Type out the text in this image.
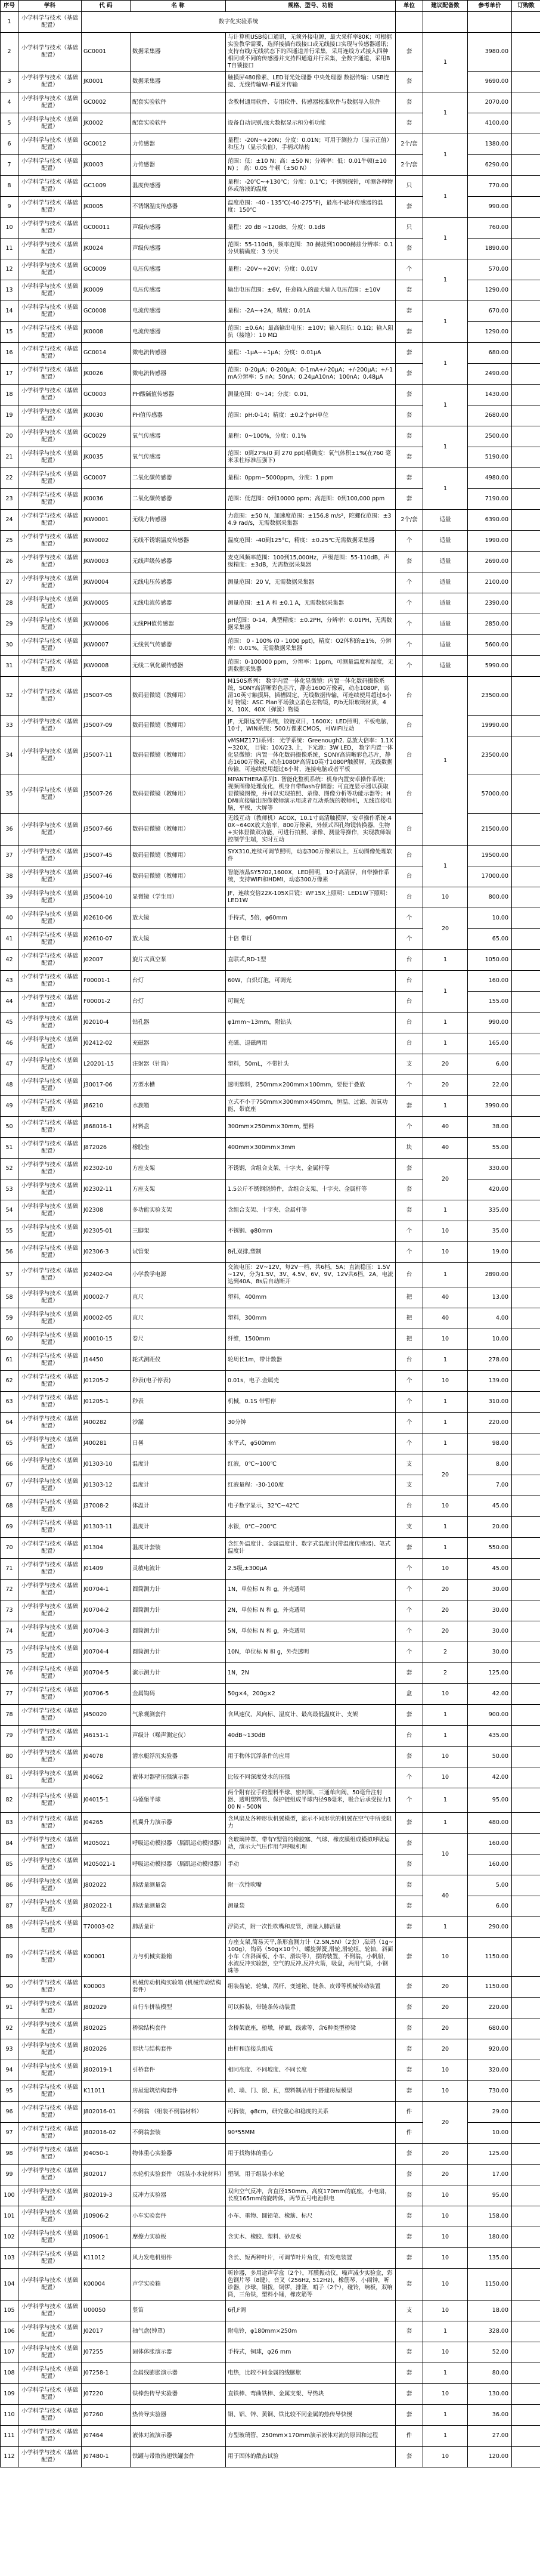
序号	学科	代 码	名 称	规格、型号、功能	单位	建议配备数	参考单价	订购数
1	小学科学与技术（基础配置）	数字化实验系统						
2	小学科学与技术（基础配置）	GC0001	数据采集器	与计算机USB接口通讯，无须外接电源，最大采样率80K；可根据实验教学需要，选择接插有线接口或无线接口实现与传感器通讯；支持有线/无线状态下的四通道并行采集，采用连线方式接入四种相同或不同的传感器并支持四通道并行采集，全数字通道，采用BT自锁接口	套	1	3980.00	
3	小学科学与技术（基础配置）	JK0001	数据采集器	触摸屏480像素、LED背光处理器 中央处理器 数据传输：USB连接、无线传输Wi-Fi蓝牙传输	套		9690.00	
4	小学科学与技术（基础配置）	GC0002	配套实验软件	含教材通用软件、专用软件、传感器校准软件与数据导入软件	套	1	2070.00	
5	小学科学与技术（基础配置）	JK0002	配套实验软件	设备自动识别,强大数据显示和分析功能	套		4100.00	
6	小学科学与技术（基础配置）	GC0012	力传感器	量程：-20N~+20N；分度：0.01N；可用于测拉力（显示正值）和压力（显示负值），手柄式结构	2个/套	1	1380.00	
7	小学科学与技术（基础配置）	JK0003	力传感器	范围：低：±10 N；高：±50 N；分辨率：低：0.01牛顿(±10 N) ； 高：0.05 牛顿（±50 N）	2个/套		6290.00	
8	小学科学与技术（基础配置）	GC1009	温度传感器	量程：-20℃~+130℃；分度：0.1℃；不锈钢探针，可测各种物体或溶液的温度	只	1	770.00	
9	小学科学与技术（基础配置）	JK0005	不锈钢温度传感器	温度范围：-40 - 135℃(-40-275°F)，最高不破坏传感器的温度：150℃	套		990.00	
10	小学科学与技术（基础配置）	GC00011	声级传感器	量程：20 dB ~120dB，分度：0.1dB	只	1	760.00	
11	小学科学与技术（基础配置）	JK0024	声级传感器	范围：55-110dB，频率范围：30 赫兹到10000赫兹分辨率：0.1 分贝精确度：3 分贝	套		1890.00	
12	小学科学与技术（基础配置）	GC0009	电压传感器	量程：-20V~+20V；分度：0.01V	个	1	570.00	
13	小学科学与技术（基础配置）	JK0009	电压传感器	输出电压范围：±6V，任意输入的最大输入电压范围：±10V	套		1290.00	
14	小学科学与技术（基础配置）	GC0008	电流传感器	量程：-2A~+2A，精度：0.01A	套	1	670.00	
15	小学科学与技术（基础配置）	JK0008	电流传感器	范围：±0.6A；最高输出电压：±10V；输入阻抗：0.1Ω；输入阻抗（接地）：10 MΩ	套		1290.00	
16	小学科学与技术（基础配置）	GC0014	微电流传感器	量程：-1μA~+1μA；分度：0.01μA	套	1	680.00	
17	小学科学与技术（基础配置）	JK0026	微电流传感器	范围：0-20μA；0-200μA；0-1mA+/-20μA；+/-200μA；+/-1mA分辨率：5 nA；50nA；0.24μA10nA；100nA；0.48μA	套		2490.00	
18	小学科学与技术（基础配置）	GC0003	PH酸碱值传感器	测量范围：0~14；分度：0.01，	套	1	1430.00	
19	小学科学与技术（基础配置）	JK0030	PH值传感器	范围：pH:0-14；精度：±0.2个pH单位	套		2680.00	
20	小学科学与技术（基础配置）	GC0029	氧气传感器	量程：0~100%，分度：0.1%	套	1	2500.00	
21	小学科学与技术（基础配置）	JK0035	氧气传感器	范围：0到27%(0 到 270 ppt)精确度：氧气体积±1%(在760 毫米汞柱标准压强下)	套		5190.00	
22	小学科学与技术（基础配置）	GC0007	二氧化碳传感器	量程：0ppm~5000ppm，分度：1 ppm	套	1	4980.00	
23	小学科学与技术（基础配置）	JK0036	二氧化碳传感器	范围：低范围：0到10000 ppm；高范围：0到100,000 ppm	套		7190.00	
24	小学科学与技术（基础配置）	JKW0001	无线力传感器	力范围：±50 N，加速度范围：±156.8 m/s²，陀螺仪范围：±34.9 rad/s，无需数据采集器	2个/套	适量	6390.00	
25	小学科学与技术（基础配置）	JKW0002	无线不锈钢温度传感器	温度范围：-40到125°C，精度：±0.25℃无需数据采集器	个	适量	1990.00	
26	小学科学与技术（基础配置）	JKW0003	无线声级传感器	麦克风频率范围：100到15,000Hz，声级范围：55-110dB，声级精度：±3dB，无需数据采集器	套	适量	2690.00	
27	小学科学与技术（基础配置）	JKW0004	无线电压传感器	测量范围：20 V，无需数据采集器	个	适量	2100.00	
28	小学科学与技术（基础配置）	JKW0005	无线电流传感器	测量范围：±1 A 和 ±0.1 A，无需数据采集器	个	适量	2390.00	
29	小学科学与技术（基础配置）	JKW0006	无线PH值传感器	pH范围：0-14，典型精度：±0.2PH，分辨率：0.01PH，无需数据采集器	个	适量	2850.00	
30	小学科学与技术（基础配置）	JKW0007	无线氧气传感器	范围： 0 - 100% (0 - 1000 ppt)，精度：O2体积的±1%，分辨率：0.01%，无需数据采集器	个	适量	5600.00	
31	小学科学与技术（基础配置）	JKW0008	无线二氧化碳传感器	范围：0-100000 ppm，分辨率：1ppm，可测量温度和湿度，无需数据采集器	个	适量	5990.00	
32	小学科学与技术（基础配置）	J35007-05	数码显微镜（教师用）	M150S系列： 数字内置一体化显微镜：内置一体化数码摄像系统，SONY高清晰彩色芯片，静态1600万像素，动态1080P，高清10英寸触摸屏，插槽固定，无线数据传输，可连续使用超过6小时 物镜：ASC Plan平场独立消色差物镜，P/b无铅玻璃材质，4X、10X、40X（弹簧）物镜	台	1	23500.00	
33	小学科学与技术（基础配置）	J35007-09	数码显微镜（教师用）	JF，无限远光学系统，铰链双目，1600X；LED照明，平板电脑，10寸，WIN系统；500万像素CMOS，可WIFI互动	台		19990.00	
34	小学科学与技术（基础配置）	J35007-11	数码显微镜（教师用）	vMSMZ171i系列： 光学系统：Greenough2. 总放大倍率：1.1X~320X， 目镜：10X/23, 上，下光源：3W LED， 数字内置一体化显微镜：内置一体化数码摄像系统，SONY高清晰彩色芯片，静态1600万像素，动态1080P高清10英寸1080P触摸屏，无线数据传输，可连续使用超过6小时，连接电脑或者平板	台		23500.00	
35	小学科学与技术（基础配置）	J35007-26	数码显微镜（教师用）	MPANTHERA系列1. 智能化整机系统：机身内置安卓操作系统；视频图像处理优化，机身自带flash存储器；可直连显示器以获取显微镜图像，并可以实现拍照、录像、图像分析等功能示器等；HDMI直接输出图像教师演示用或者互动系统的教师机，无线连接电脑，平板，大屏等	台		57000.00	
36	小学科学与技术（基础配置）	J35007-66	数码显微镜（教师用）	无线互动（教师机）ACOX，10.1寸高清触摸屏，安卓操作系统.40X~640X放大倍率，800万像素，外倾式四孔物镜转换器，生物+实体显微双功能，可进行拍照、录像、测量等操作，实现教师端控制学生端，实时互动	台		21500.00	
37	小学科学与技术（基础配置）	J35007-45	数码显微镜（教师用）	SYX310,连续可调节照明，动态300万像素以上，互动图像处理软件	台	1	19500.00	
38	小学科学与技术（基础配置）	J35007-46	数码显微镜（教师用）	智能液晶SY5702,1600X，LED照明，10寸高清屏，自带操作系统，支持WIFI和HDMI，动态300万像素	台		17000.00	
39	小学科学与技术（基础配置）	J35004-10	显微镜（学生用）	JF，连续变倍22X-105X目镜：WF15X上照明：LED1W下照明：LED1W	台	10	800.00	
40	小学科学与技术（基础配置）	J02610-06	放大镜	手持式，5倍，φ60mm	个	20	10.00	
41	小学科学与技术（基础配置）	J02610-07	放大镜	十倍 带灯	个		65.00	
42	小学科学与技术（基础配置）	J02007	旋片式真空泵	直联式,RD-1型	台	1	1050.00	
43	小学科学与技术（基础配置）	F00001-1	台灯	60W，白炽灯泡，可调光	台	1	160.00	
44	小学科学与技术（基础配置）	F00001-2	台灯	可调光	台		155.00	
45	小学科学与技术（基础配置）	J02010-4	钻孔器	φ1mm~13mm，附钻头	台	1	990.00	
46	小学科学与技术（基础配置）	J02412-02	充磁器	充磁、退磁两用	台	1	165.00	
47	小学科学与技术（基础配置）	L20201-15	注射器（针筒）	塑料，50mL，不带针头	支	20	6.00	
48	小学科学与技术（基础配置）	J30017-06	方型水槽	透明塑料，250mm×200mm×100mm，要便于叠放	个	20	22.00	
49	小学科学与技术（基础配置）	J86210	水族箱	立式不小于750mm×300mm×450mm，恒温、过滤、加氧功能，带底座	套	1	3990.00	
50	小学科学与技术（基础配置）	J868016-1	材料盘	300mm×250mm×30mm, 塑料	个	40	38.00	
51	小学科学与技术（基础配置）	J872026	橡胶垫	400mm×300mm×3mm	块	40	55.00	
52	小学科学与技术（基础配置）	J02302-10	方座支架	不锈钢，含组合支架、十字夹、金属杆等	套	20	330.00	
53	小学科学与技术（基础配置）	J02302-11	方座支架	1.5公斤不锈钢浇铸件，含组合支架、十字夹、金属杆等	套		420.00	
54	小学科学与技术（基础配置）	J02308	多功能实验支架	含组合支架、十字夹、金属杆等	套	1	335.00	
55	小学科学与技术（基础配置）	J02305-01	三脚架	不锈钢、φ80mm	个	10	35.00	
56	小学科学与技术（基础配置）	J02306-3	试管架	8孔双排,塑制	个	10	19.00	
57	小学科学与技术（基础配置）	J02402-04	小学教学电源	交流电压：2V~12V，每2V一档，共6档，5A；直流稳压：1.5V~12V，分为1.5V、3V、4.5V、6V、9V、12V共6档，2A，电流达到40A、8s后自动断开	台	1	2890.00	
58	小学科学与技术（基础配置）	J00002-7	直尺	塑料，400mm	把	40	13.00	
59	小学科学与技术（基础配置）	J00002-05	直尺	塑料，300mm	把	40	4.00	
60	小学科学与技术（基础配置）	J00010-15	卷尺	纤维，1500mm	把	10	10.00	
61	小学科学与技术（基础配置）	J14450	轮式测距仪	轮周长1m，带计数器	台	1	278.00	
62	小学科学与技术（基础配置）	J01205-2	秒表(电子停表)	0.01s，电子.金属壳	个	10	139.00	
63	小学科学与技术（基础配置）	J01205-1	秒表	机械，0.1S 带暂停	个	1	310.00	
64	小学科学与技术（基础配置）	J400282	沙漏	30分钟	个	1	220.00	
65	小学科学与技术（基础配置）	J400281	日晷	水平式，φ500mm	个	1	98.00	
66	小学科学与技术（基础配置）	J01303-10	温度计	红液，0℃~100℃	支	20	8.00	
67	小学科学与技术（基础配置）	J01303-12	温度计	红液量程：-30-100度	支		7.00	
68	小学科学与技术（基础配置）	J37008-2	体温计	电子数字显示，32℃~42℃	台	10	45.00	
69	小学科学与技术（基础配置）	J01303-11	温度计	水银，0℃~200℃	支	1	20.00	
70	小学科学与技术（基础配置）	J01304	温度计套装	含红外温度计、金属温度计、数字式温度计(带温度传感器)、笔式温度计	套	1	550.00	
71	小学科学与技术（基础配置）	J01409	灵敏电流计	2.5级,±300μA	个	10	45.00	
72	小学科学与技术（基础配置）	J00704-1	圆筒测力计	1N，单位标 N 和 g，外壳透明	个	20	30.00	
73	小学科学与技术（基础配置）	J00704-2	圆筒测力计	2N，单位标 N 和 g，外壳透明	个	20	30.00	
74	小学科学与技术（基础配置）	J00704-3	圆筒测力计	5N，单位标 N 和 g，外壳透明	个	20	30.00	
75	小学科学与技术（基础配置）	J00704-4	圆筒测力计	10N，单位标 N 和 g，外壳透明	个	2	30.00	
76	小学科学与技术（基础配置）	J00704-5	演示测力计	1N，2N	套	2	125.00	
77	小学科学与技术（基础配置）	J00706-5	金属钩码	50g×4，200g×2	盒	10	42.00	
78	小学科学与技术（基础配置）	J450020	气象观测套件	含风速仪、风向标、湿度计、最高最低温度计、支架	套	1	900.00	
79	小学科学与技术（基础配置）	J46151-1	声级计（噪声测定仪）	40dB~130dB	台	1	435.00	
80	小学科学与技术（基础配置）	J04078	潜水艇浮沉实验器	用于物体沉浮条件的应用	套	10	50.00	
81	小学科学与技术（基础配置）	J04062	液体对器壁压强演示器	比较不同深度处水的压强	个	10	42.00	
82	小学科学与技术（基础配置）	J04015-1	马德堡半球	两个附有拉手的塑料半球、密封圈、三通单向阀、50毫升注射器、透明塑料管、保护链组成半球内径98毫米，吸合后承受拉力100 N - 500N	个	1	95.00	
83	小学科学与技术（基础配置）	J04265	机翼升力演示器	含风扇及各种形状机翼模型，演示不同形状的机翼在空气中所受阻力	套	1	480.00	
84	小学科学与技术（基础配置）	M205021	呼吸运动模拟器 （膈肌运动模拟器）	含玻璃钟罩、带有Y型管的橡胶塞、气球、橡皮膜组成模拟呼吸运动，演示大气压作用与呼吸机理	套	10	160.00	
85	小学科学与技术（基础配置）	M205021-1	呼吸运动模拟器 （膈肌运动模拟器）	手动	套		160.00	
86	小学科学与技术（基础配置）	J802022	肺活量测量袋	附一次性吹嘴	套	40	5.00	
87	小学科学与技术（基础配置）	J802022-1	肺活量测量袋	测量袋	套		6.00	
88	小学科学与技术（基础配置）	T70003-02	肺活量计	浮筒式，附一次性吹嘴和皮管，测量人肺活量	套	1	290.00	
89	小学科学与技术（基础配置）	K00001	力与机械实验箱	方座支架,简易天平,条形盒测力计（2.5N,5N）（2套）,砝码（1g~100g），钩码（50g×10个），螺旋弹簧,滑轮,滑轮组，轮轴，斜面小车（含斜面板、小车、滑块等），摆的装置，不倒翁，小帆船，水流反冲实验器，空气的反冲,反冲火箭，吸盘，两用气筒，小钢珠等	套	10	1150.00	
90	小学科学与技术（基础配置）	K00003	机械传动机构实验箱 (机械传动结构套件）	组装齿轮、轮轴、涡杆、变速箱、链条、皮带等机械传动装置	套	20	1150.00	
91	小学科学与技术（基础配置）	J802029	自行车拼装模型	可以拆装，带链条传动装置	套	20	220.00	
92	小学科学与技术（基础配置）	J802025	桥梁结构套件	含桥架底座，桥墩，桥面，线索等，含6种类型桥梁	套	20	680.00	
93	小学科学与技术（基础配置）	J802026	形状与结构套件	由杆和连接头组成	套	20	920.00	
94	小学科学与技术（基础配置）	J802019-1	引桥套件	相同高度、不同坡度、不同长度	套	10	320.00	
95	小学科学与技术（基础配置）	K11011	房屋建筑结构套件	砖、墙、门、窗、瓦，塑料制品用于搭建房屋模型	套	10	730.00	
96	小学科学与技术（基础配置）	J802016-01	不倒翁 （组装不倒翁材料）	可拆装，φ8cm，研究重心和稳度的关系	件	20	29.00	
97	小学科学与技术（基础配置）	J802016-02	不倒翁套装	90*55MM	件		10.00	
98	小学科学与技术（基础配置）	J04050-1	物体重心实验器	用于找物体的重心	套	20	125.00	
99	小学科学与技术（基础配置）	J802017	水轮机实验套件 （组装小水轮材料）	塑制，用于组装小水轮	套	20	17.00	
100	小学科学与技术（基础配置）	J802019-3	反冲力实验器	双向空气反冲，含直径150mm，高度170mm的底座，小电扇，长度165mm的旋转体，两节五号电池供电	套	10	95.00	
101	小学科学与技术（基础配置）	J10906-2	小车实验套件	小车、重物、圆铅笔、橡筋、标尺	套	10	158.00	
102	小学科学与技术（基础配置）	J10906-1	摩擦力实验板	含实木、橡胶、塑料、砂皮板	套	10	180.00	
103	小学科学与技术（基础配置）	K11012	风力发电机组件	含长、短两种叶片，可调节叶片角度，有发电装置	套	10	135.00	
104	小学科学与技术（基础配置）	K00004	声学实验箱	听诊器，多用途声学盒（2个），耳膜振动仪，噪声减少实验盒，彩色钢片琴（8键），音叉（256Hz, 512Hz)，橡筋琴，小闹钟，听诊器，沙球，铜拨，铜锣，排箫，哨子（2个），碰铃，响板，双响筒，三角铁，塑料小锤，橡皮筋等	套	10	1150.00	
105	小学科学与技术（基础配置）	U00050	竖笛	6孔F调	支	10	18.00	
106	小学科学与技术（基础配置）	J02017	抽气盘(钟罩)	附电铃，φ180mm×250m	套	1	328.00	
107	小学科学与技术（基础配置）	J07255	固体体胀演示器	手持式，铜球，φ26 mm	套	10	52.00	
108	小学科学与技术（基础配置）	J07258-1	金属线膨胀演示器	电热，比较不同金属的线膨胀	套	1	80.00	
109	小学科学与技术（基础配置）	J07220	铁棒热传导实验器	直铁棒、弯曲铁棒、金属支架、导热块	套	10	130.00	
110	小学科学与技术（基础配置）	J07260	热传导实验器	铜、铝、锌、黄铜、铁比较不同金属的热传导快慢	套	1	36.00	
111	小学科学与技术（基础配置）	J07464	液体对流演示器	方型玻璃管，250mm×170mm演示液体对流的原因和过程	件	1	27.00	
112	小学科学与技术（基础配置）	J07480-1	铁罐与带散热翅铁罐套件	用于固体的散热试验	套	10	120.00	
